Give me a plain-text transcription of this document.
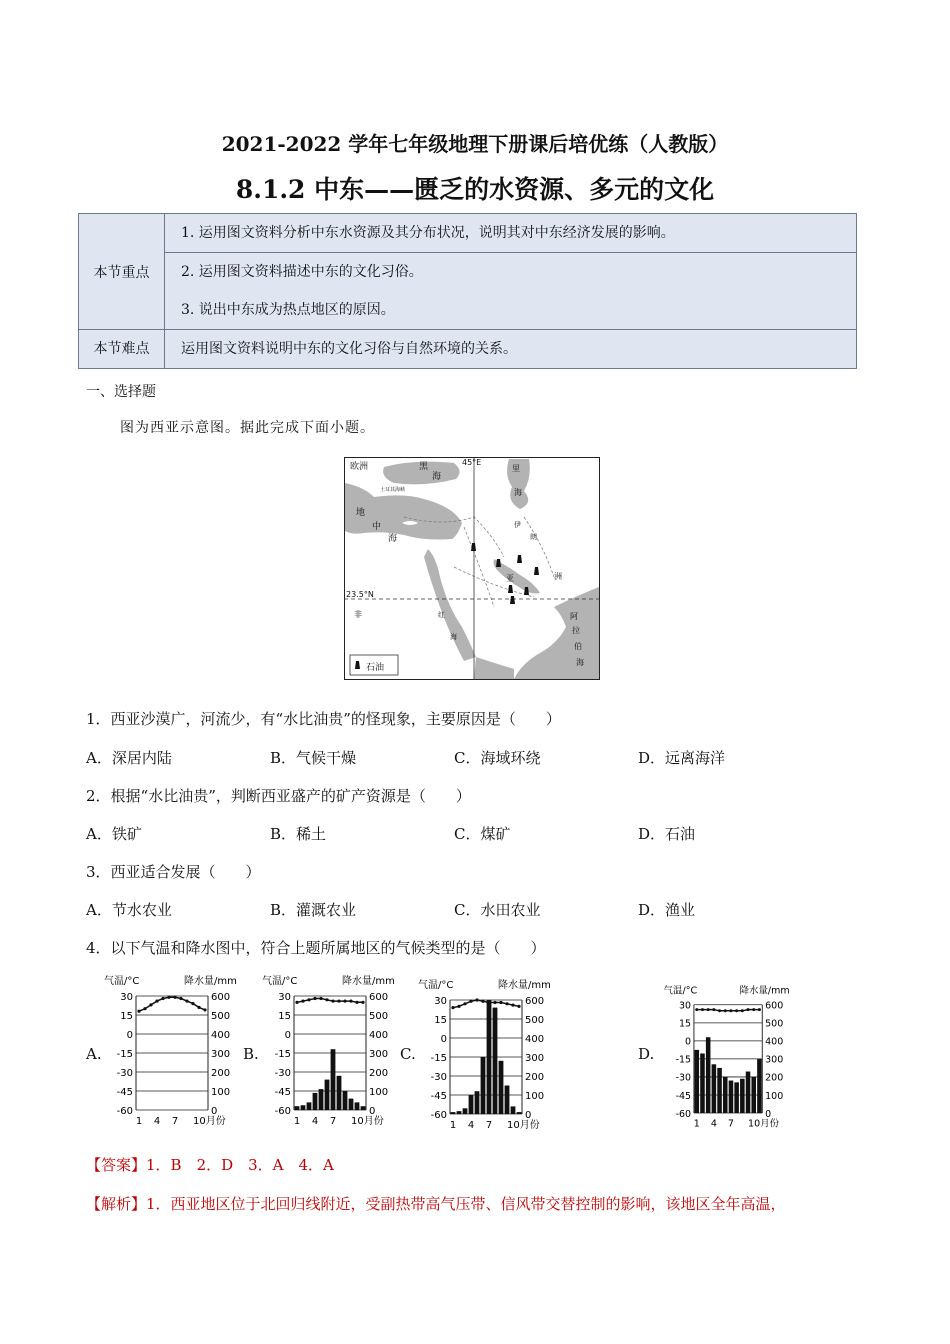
2021-2022 学年七年级地理下册课后培优练（人教版）
8.1.2 中东——匮乏的水资源、多元的文化
本节重点	1. 运用图文资料分析中东水资源及其分布状况，说明其对中东经济发展的影响。
	2. 运用图文资料描述中东的文化习俗。
	3. 说出中东成为热点地区的原因。
本节难点	运用图文资料说明中东的文化习俗与自然环境的关系。
一、选择题
图为西亚示意图。据此完成下面小题。
欧洲	黑
海
45°E
里
海
土耳其海峡
地
中
海
伊
朗
亚	洲
23.5°N
非	红
海
阿
拉
伯
海
石油
1．西亚沙漠广，河流少，有“水比油贵”的怪现象，主要原因是（　　）
A．深居内陆	B．气候干燥	C．海域环绕	D．远离海洋
2．根据“水比油贵”，判断西亚盛产的矿产资源是（　　）
A．铁矿	B．稀土	C．煤矿	D．石油
3．西亚适合发展（　　）
A．节水农业	B．灌溉农业	C．水田农业	D．渔业
4．以下气温和降水图中，符合上题所属地区的气候类型的是（　　）
A.	B.	C.	D.
气温/°C	降水量/mm
30	600
15	500
0	400
-15	300
-30	200
-45	100
-60	0
1 4 7 10月份
气温/°C	降水量/mm
30	600
15	500
0	400
-15	300
-30	200
-45	100
-60	0
1 4 7 10月份
气温/°C	降水量/mm
30	600
15	500
0	400
-15	300
-30	200
-45	100
-60	0
1 4 7 10月份
气温/°C	降水量/mm
30	600
15	500
0	400
-15	300
-30	200
-45	100
-60	0
1 4 7 10月份
【答案】1．B　2．D　3．A　4．A
【解析】1．西亚地区位于北回归线附近，受副热带高气压带、信风带交替控制的影响，该地区全年高温，
